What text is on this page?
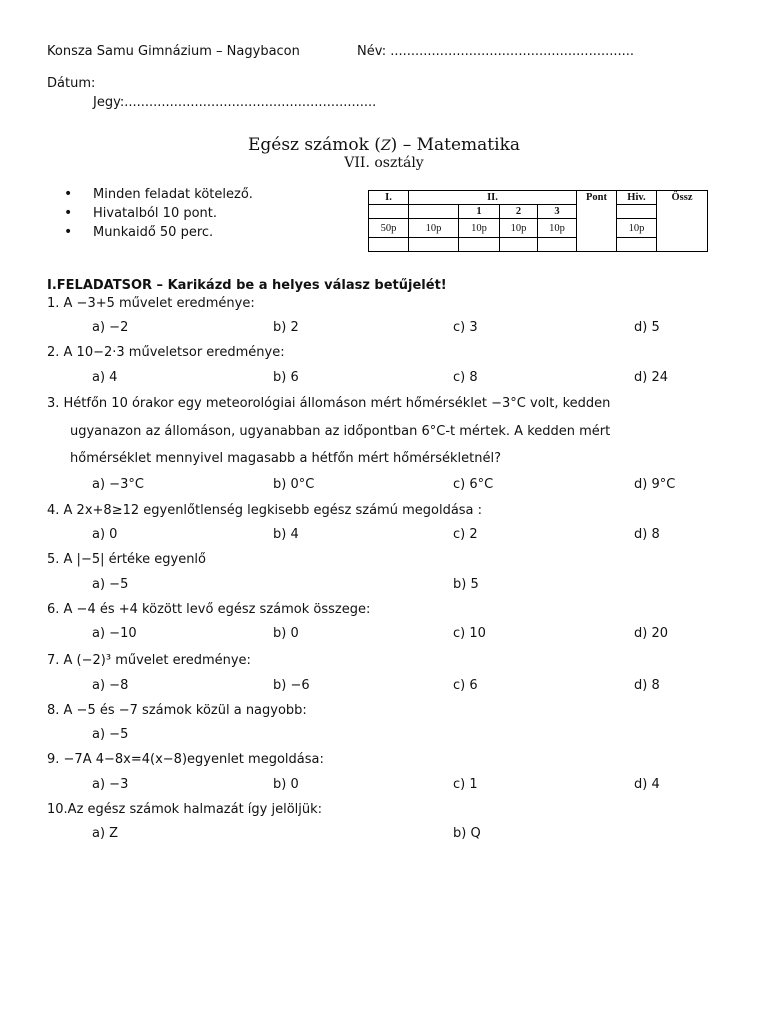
Konsza Samu Gimnázium – Nagybacon	Név: ...........................................................
Dátum:
Jegy:.............................................................
Egész számok (Z) – Matematika
VII. osztály
• Minden feladat kötelező.
• Hivatalból 10 pont.
• Munkaidő 50 perc.
I.	II.				Pont	Hiv.	Össz
		1	2	3			
50p	10p	10p	10p	10p		10p	

I.FELADATSOR – Karikázd be a helyes válasz betűjelét!
1. A −3+5 művelet eredménye:
a) −2	b) 2	c) 3	d) 5
2. A 10−2·3 műveletsor eredménye:
a) 4	b) 6	c) 8	d) 24
3. Hétfőn 10 órakor egy meteorológiai állomáson mért hőmérséklet −3°C volt, kedden
ugyanazon az állomáson, ugyanabban az időpontban 6°C-t mértek. A kedden mért
hőmérséklet mennyivel magasabb a hétfőn mért hőmérsékletnél?
a) −3°C	b) 0°C	c) 6°C	d) 9°C
4. A 2x+8≥12 egyenlőtlenség legkisebb egész számú megoldása :
a) 0	b) 4	c) 2	d) 8
5. A |−5| értéke egyenlő
a) −5	b) 5
6. A −4 és +4 között levő egész számok összege:
a) −10	b) 0	c) 10	d) 20
7. A (−2)³ művelet eredménye:
a) −8	b) −6	c) 6	d) 8
8. A −5 és −7 számok közül a nagyobb:
a) −5
9. −7A 4−8x=4(x−8)egyenlet megoldása:
a) −3	b) 0	c) 1	d) 4
10.Az egész számok halmazát így jelöljük:
a) Z	b) Q
